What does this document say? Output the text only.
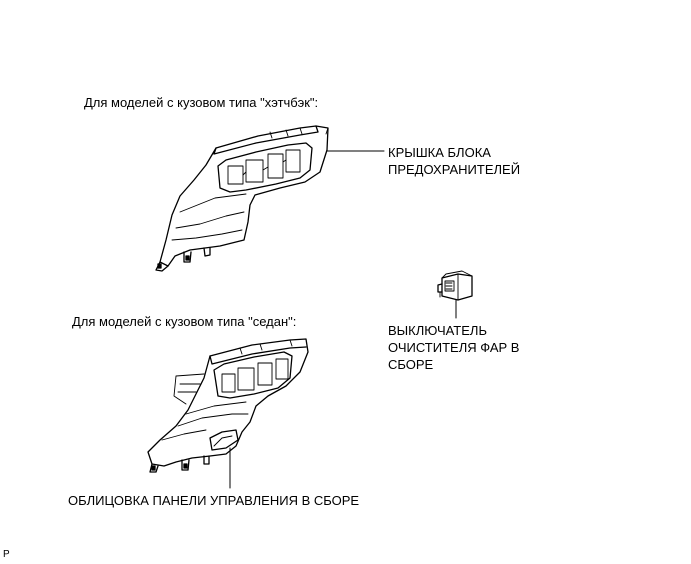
Для моделей с кузовом типа "хэтчбэк":

Для моделей с кузовом типа "седан":

КРЫШКА БЛОКА
ПРЕДОХРАНИТЕЛЕЙ
ВЫКЛЮЧАТЕЛЬ
ОЧИСТИТЕЛЯ ФАР В
СБОРЕ

ОБЛИЦОВКА ПАНЕЛИ УПРАВЛЕНИЯ В СБОРЕ

P
